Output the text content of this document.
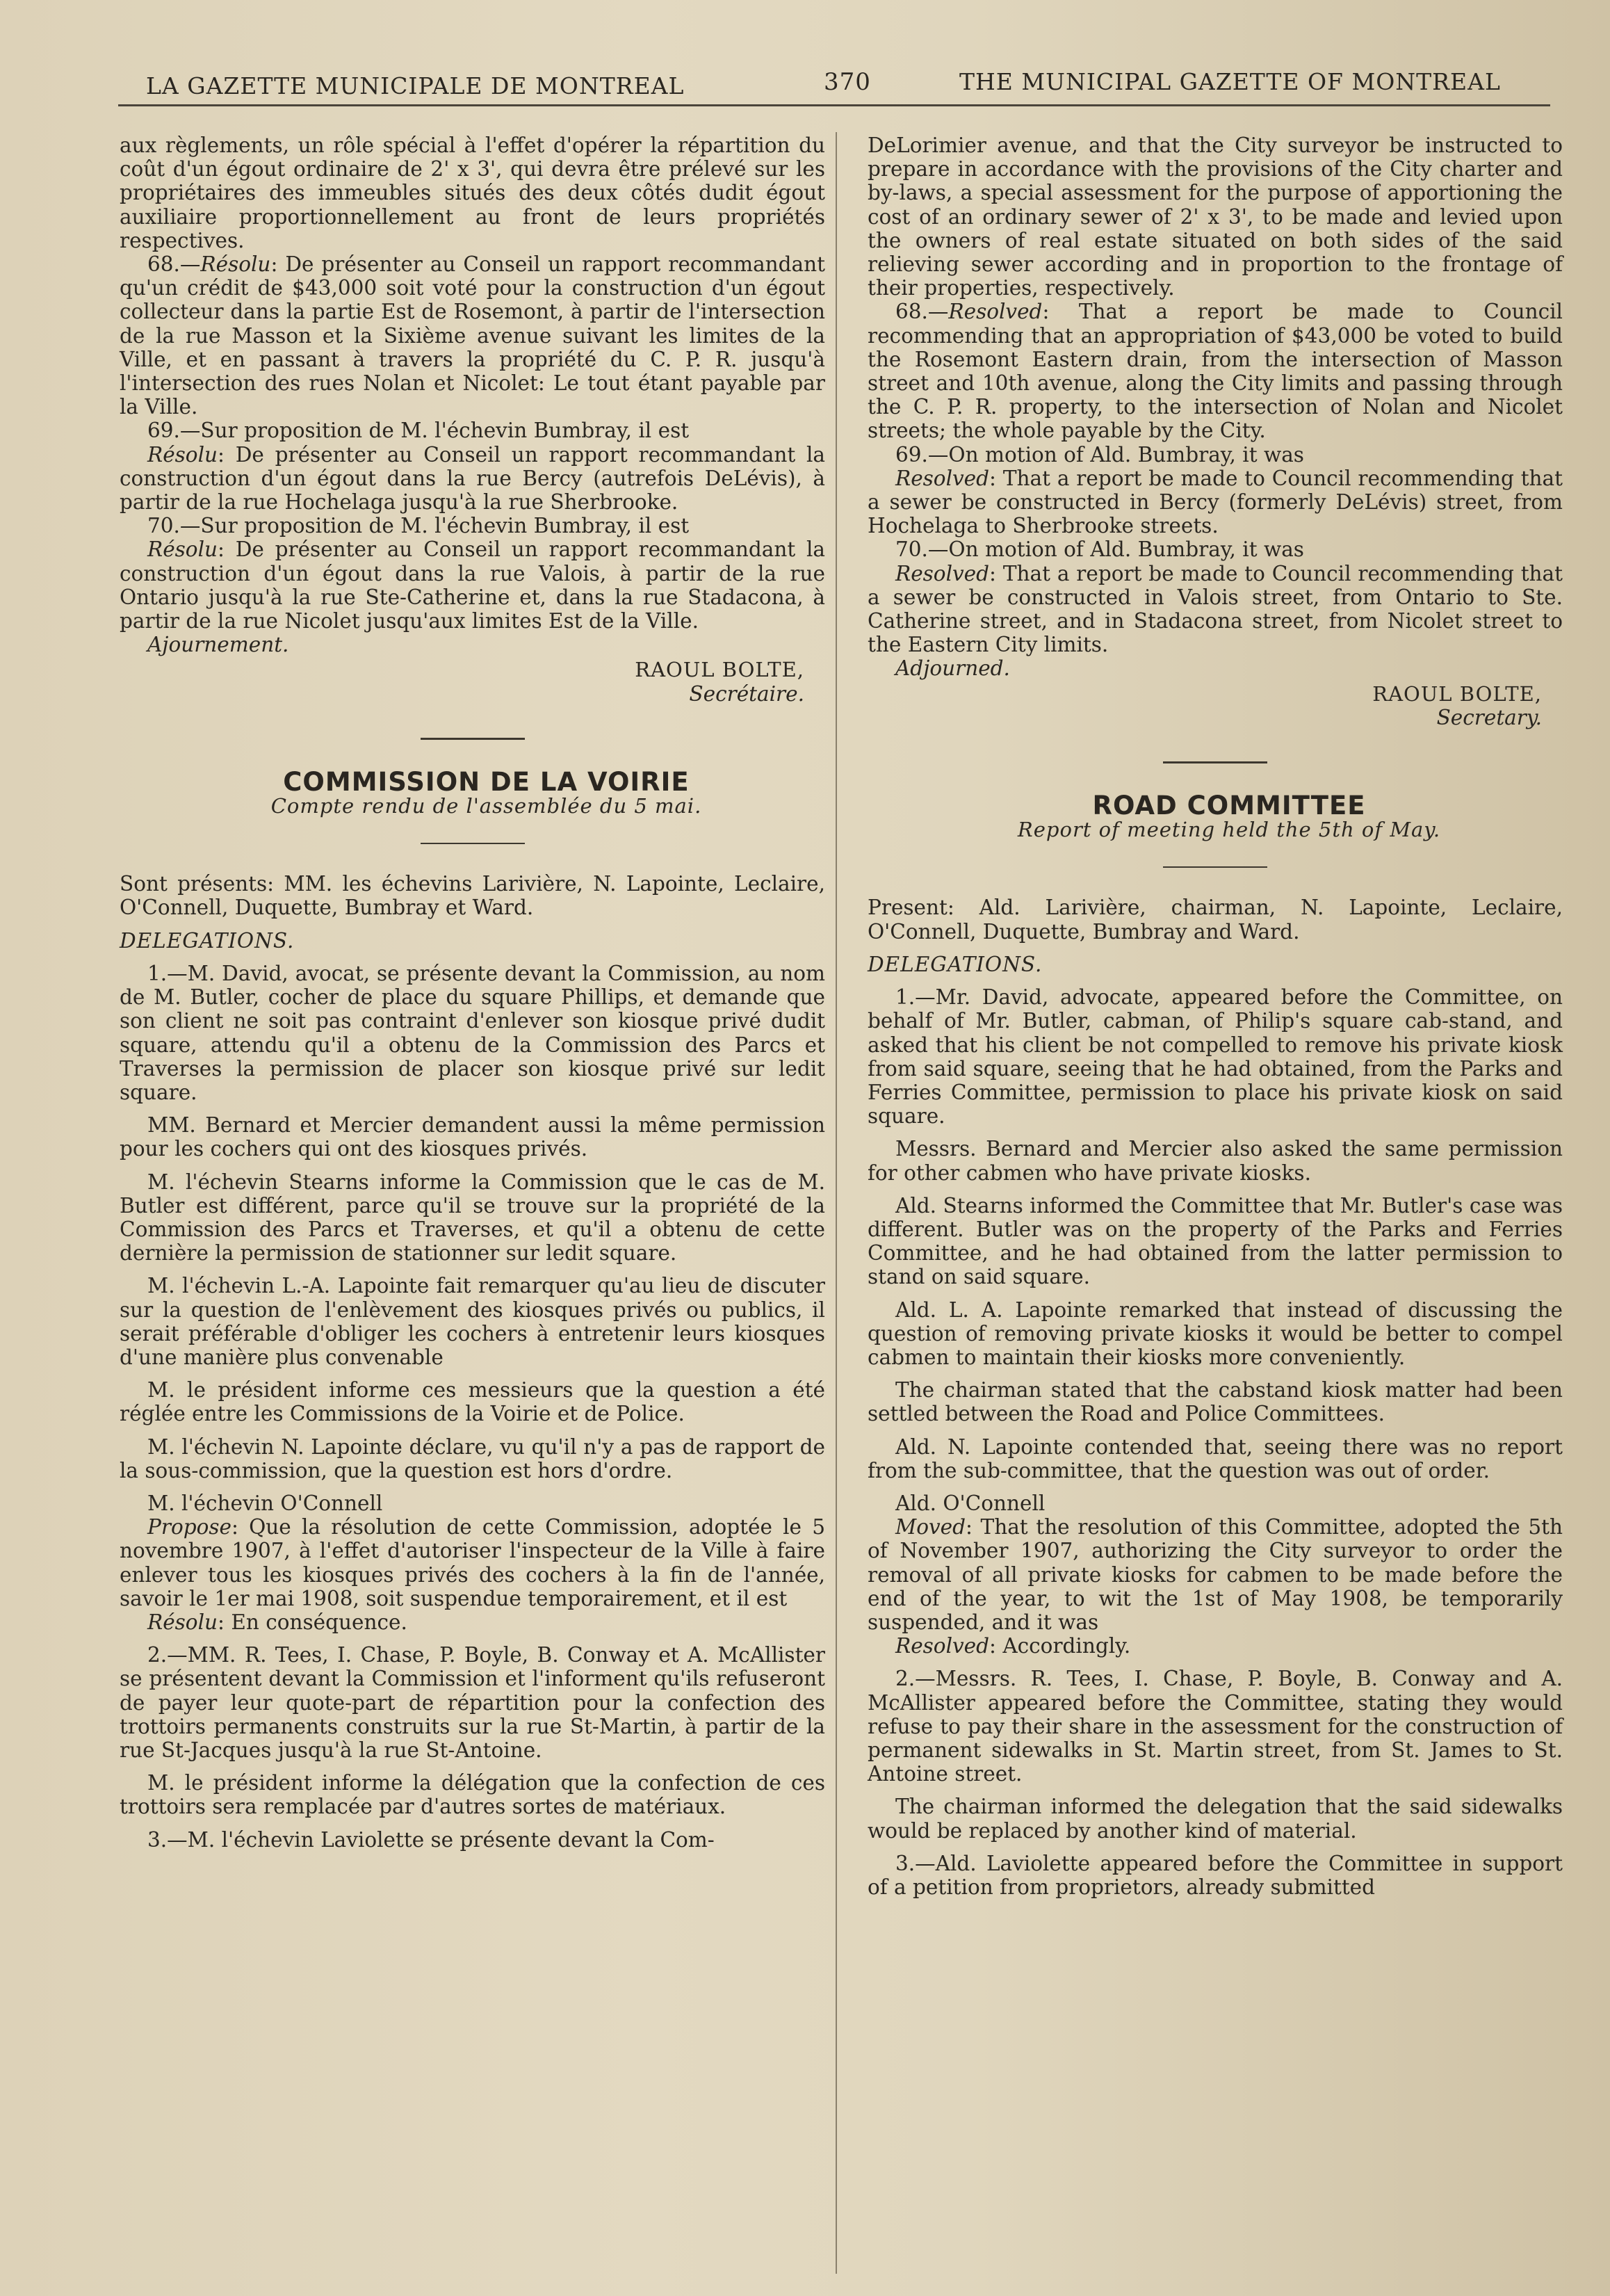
LA GAZETTE MUNICIPALE DE MONTREAL	370	THE MUNICIPAL GAZETTE OF MONTREAL

aux règlements, un rôle spécial à l'effet d'opérer la répartition du coût d'un égout ordinaire de 2' x 3', qui devra être prélevé sur les propriétaires des immeubles situés des deux côtés dudit égout auxiliaire proportionnellement au front de leurs propriétés respectives.

68.—Résolu: De présenter au Conseil un rapport recommandant qu'un crédit de $43,000 soit voté pour la construction d'un égout collecteur dans la partie Est de Rosemont, à partir de l'intersection de la rue Masson et la Sixième avenue suivant les limites de la Ville, et en passant à travers la propriété du C. P. R. jusqu'à l'intersection des rues Nolan et Nicolet: Le tout étant payable par la Ville.

69.—Sur proposition de M. l'échevin Bumbray, il est

Résolu: De présenter au Conseil un rapport recommandant la construction d'un égout dans la rue Bercy (autrefois DeLévis), à partir de la rue Hochelaga jusqu'à la rue Sherbrooke.

70.—Sur proposition de M. l'échevin Bumbray, il est

Résolu: De présenter au Conseil un rapport recommandant la construction d'un égout dans la rue Valois, à partir de la rue Ontario jusqu'à la rue Ste-Catherine et, dans la rue Stadacona, à partir de la rue Nicolet jusqu'aux limites Est de la Ville.

Ajournement.

RAOUL BOLTE,
Secrétaire.

COMMISSION DE LA VOIRIE

Compte rendu de l'assemblée du 5 mai.

Sont présents: MM. les échevins Larivière, N. Lapointe, Leclaire, O'Connell, Duquette, Bumbray et Ward.

DELEGATIONS.

1.—M. David, avocat, se présente devant la Commission, au nom de M. Butler, cocher de place du square Phillips, et demande que son client ne soit pas contraint d'enlever son kiosque privé dudit square, attendu qu'il a obtenu de la Commission des Parcs et Traverses la permission de placer son kiosque privé sur ledit square.

MM. Bernard et Mercier demandent aussi la même permission pour les cochers qui ont des kiosques privés.

M. l'échevin Stearns informe la Commission que le cas de M. Butler est différent, parce qu'il se trouve sur la propriété de la Commission des Parcs et Traverses, et qu'il a obtenu de cette dernière la permission de stationner sur ledit square.

M. l'échevin L.-A. Lapointe fait remarquer qu'au lieu de discuter sur la question de l'enlèvement des kiosques privés ou publics, il serait préférable d'obliger les cochers à entretenir leurs kiosques d'une manière plus convenable

M. le président informe ces messieurs que la question a été réglée entre les Commissions de la Voirie et de Police.

M. l'échevin N. Lapointe déclare, vu qu'il n'y a pas de rapport de la sous-commission, que la question est hors d'ordre.

M. l'échevin O'Connell

Propose: Que la résolution de cette Commission, adoptée le 5 novembre 1907, à l'effet d'autoriser l'inspecteur de la Ville à faire enlever tous les kiosques privés des cochers à la fin de l'année, savoir le 1er mai 1908, soit suspendue temporairement, et il est

Résolu: En conséquence.

2.—MM. R. Tees, I. Chase, P. Boyle, B. Conway et A. McAllister se présentent devant la Commission et l'informent qu'ils refuseront de payer leur quote-part de répartition pour la confection des trottoirs permanents construits sur la rue St-Martin, à partir de la rue St-Jacques jusqu'à la rue St-Antoine.

M. le président informe la délégation que la confection de ces trottoirs sera remplacée par d'autres sortes de matériaux.

3.—M. l'échevin Laviolette se présente devant la Com-

DeLorimier avenue, and that the City surveyor be instructed to prepare in accordance with the provisions of the City charter and by-laws, a special assessment for the purpose of apportioning the cost of an ordinary sewer of 2' x 3', to be made and levied upon the owners of real estate situated on both sides of the said relieving sewer according and in proportion to the frontage of their properties, respectively.

68.—Resolved: That a report be made to Council recommending that an appropriation of $43,000 be voted to build the Rosemont Eastern drain, from the intersection of Masson street and 10th avenue, along the City limits and passing through the C. P. R. property, to the intersection of Nolan and Nicolet streets; the whole payable by the City.

69.—On motion of Ald. Bumbray, it was

Resolved: That a report be made to Council recommending that a sewer be constructed in Bercy (formerly DeLévis) street, from Hochelaga to Sherbrooke streets.

70.—On motion of Ald. Bumbray, it was

Resolved: That a report be made to Council recommending that a sewer be constructed in Valois street, from Ontario to Ste. Catherine street, and in Stadacona street, from Nicolet street to the Eastern City limits.

Adjourned.

RAOUL BOLTE,
Secretary.

ROAD COMMITTEE

Report of meeting held the 5th of May.

Present: Ald. Larivière, chairman, N. Lapointe, Leclaire, O'Connell, Duquette, Bumbray and Ward.

DELEGATIONS.

1.—Mr. David, advocate, appeared before the Committee, on behalf of Mr. Butler, cabman, of Philip's square cab-stand, and asked that his client be not compelled to remove his private kiosk from said square, seeing that he had obtained, from the Parks and Ferries Committee, permission to place his private kiosk on said square.

Messrs. Bernard and Mercier also asked the same permission for other cabmen who have private kiosks.

Ald. Stearns informed the Committee that Mr. Butler's case was different. Butler was on the property of the Parks and Ferries Committee, and he had obtained from the latter permission to stand on said square.

Ald. L. A. Lapointe remarked that instead of discussing the question of removing private kiosks it would be better to compel cabmen to maintain their kiosks more conveniently.

The chairman stated that the cabstand kiosk matter had been settled between the Road and Police Committees.

Ald. N. Lapointe contended that, seeing there was no report from the sub-committee, that the question was out of order.

Ald. O'Connell

Moved: That the resolution of this Committee, adopted the 5th of November 1907, authorizing the City surveyor to order the removal of all private kiosks for cabmen to be made before the end of the year, to wit the 1st of May 1908, be temporarily suspended, and it was

Resolved: Accordingly.

2.—Messrs. R. Tees, I. Chase, P. Boyle, B. Conway and A. McAllister appeared before the Committee, stating they would refuse to pay their share in the assessment for the construction of permanent sidewalks in St. Martin street, from St. James to St. Antoine street.

The chairman informed the delegation that the said sidewalks would be replaced by another kind of material.

3.—Ald. Laviolette appeared before the Committee in support of a petition from proprietors, already submitted
